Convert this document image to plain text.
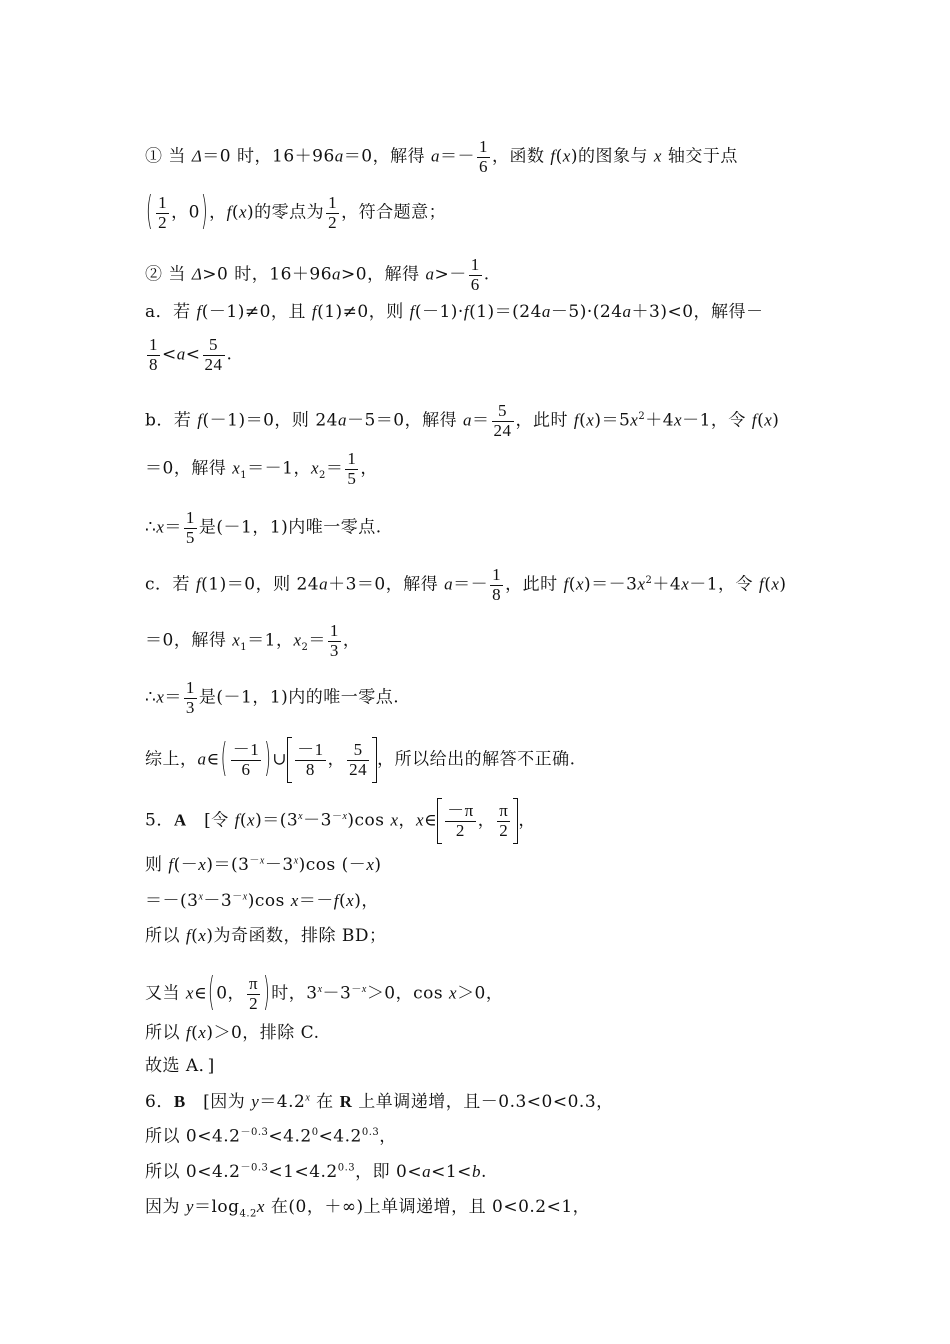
① 当 Δ＝0 时，16＋96a＝0，解得 $a=- \frac{1}{6}$ ，函数 f(x)的图象与 x 轴交于点
( $\frac{1}{2}$ ，0)，f(x)的零点为 $\frac{1}{2}$ ，符合题意；
② 当 Δ>0 时，16＋96a>0，解得 $a>- \frac{1}{6}$ .
a．若 f(－1)≠0，且 f(1)≠0，则 f(－1)·f(1)＝(24a－5)·(24a＋3)<0，解得－
$\frac{1}{8} <a< \frac{5}{24}$ .
b．若 f(－1)＝0，则 24a－5＝0，解得 $a= \frac{5}{24}$ ，此时 $f(x)=5x^2+4x-1$，令 f(x)
＝0，解得 $x_1=-1$，$x_2= \frac{1}{5}$ ，
∴x＝ $\frac{1}{5}$ 是(－1，1)内唯一零点.
c．若 f(1)＝0，则 24a＋3＝0，解得 $a=- \frac{1}{8}$ ，此时 $f(x)=-3x^2+4x-1$，令 f(x)
＝0，解得 $x_1=1$，$x_2= \frac{1}{3}$ ，
∴x＝ $\frac{1}{3}$ 是(－1，1)内的唯一零点.
综上，a∈( $\frac{-1}{6}$ )∪ $\frac{-1}{8}$ ， $\frac{5}{24}$ ，所以给出的解答不正确.
5．A　[令 $f(x)=(3^x-3^{-x})\cos$ x，x∈ $\frac{-\pi}{2}$ ， $\frac{\pi}{2}$ ，
则 $f(-x)=(3^{-x}-3^x)\cos$ (－x)
$=-(3^x-3^{-x})\cos$ x＝－f(x)，
所以 f(x)为奇函数，排除 BD；
又当 x∈(0， $\frac{\pi}{2}$ )时，$3^x-3^{-x}>0$，cos x＞0，
所以 f(x)＞0，排除 C.
故选 A．]
6．B　[因为 $y=4.2^x$ 在 R 上单调递增，且－0.3<0<0.3，
所以 $0<4.2^{-0.3}<4.2^0<4.2^{0.3}$，
所以 $0<4.2^{-0.3}<1<4.2^{0.3}$，即 0<a<1<b.
因为 $y=\log_{4.2}x$ 在(0，＋∞)上单调递增，且 0<0.2<1，
